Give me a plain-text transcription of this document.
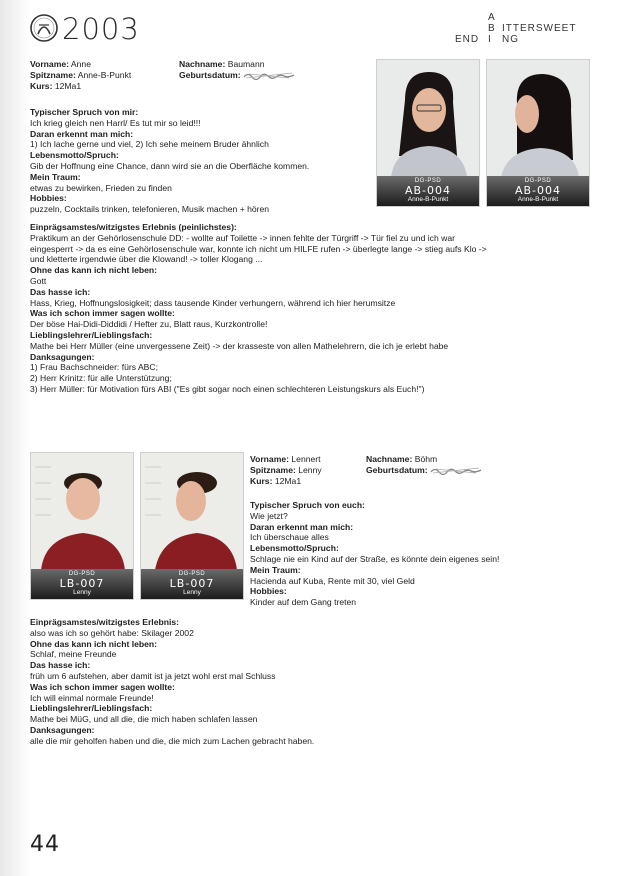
2003	A
B ITTERSWEET
END I NG
Vorname: Anne	Nachname: Baumann
Spitzname: Anne-B-Punkt	Geburtsdatum:
Kurs: 12Ma1
Typischer Spruch von mir:
Ich krieg gleich nen Harrl/ Es tut mir so leid!!!
Daran erkennt man mich:
1) Ich lache gerne und viel, 2) Ich sehe meinem Bruder ähnlich
Lebensmotto/Spruch:
Gib der Hoffnung eine Chance, dann wird sie an die Oberfläche kommen.
Mein Traum:
etwas zu bewirken, Frieden zu finden
Hobbies:
puzzeln, Cocktails trinken, telefonieren, Musik machen + hören
Einprägsamstes/witzigstes Erlebnis (peinlichstes):
Praktikum an der Gehörlosenschule DD: - wollte auf Toilette -> innen fehlte der Türgriff -> Tür fiel zu und ich war
eingesperrt -> da es eine Gehörlosenschule war, konnte ich nicht um HILFE rufen -> überlegte lange -> stieg aufs Klo ->
und kletterte irgendwie über die Klowand! -> toller Klogang ...
Ohne das kann ich nicht leben:
Gott
Das hasse ich:
Hass, Krieg, Hoffnungslosigkeit; dass tausende Kinder verhungern, während ich hier herumsitze
Was ich schon immer sagen wollte:
Der böse Hai-Didi-Diddidi / Hefter zu, Blatt raus, Kurzkontrolle!
Lieblingslehrer/Lieblingsfach:
Mathe bei Herr Müller (eine unvergessene Zeit) -> der krasseste von allen Mathelehrern, die ich je erlebt habe
Danksagungen:
1) Frau Bachschneider: fürs ABC;
2) Herr Krinitz: für alle Unterstützung;
3) Herr Müller: für Motivation fürs ABI ("Es gibt sogar noch einen schlechteren Leistungskurs als Euch!")
DG-PSD
AB-004
Anne-B-Punkt
DG-PSD
AB-004
Anne-B-Punkt
DG-PSD
LB-007
Lenny
DG-PSD
LB-007
Lenny
Vorname: Lennert	Nachname: Böhm
Spitzname: Lenny	Geburtsdatum:
Kurs: 12Ma1
Typischer Spruch von euch:
Wie jetzt?
Daran erkennt man mich:
Ich überschaue alles
Lebensmotto/Spruch:
Schlage nie ein Kind auf der Straße, es könnte dein eigenes sein!
Mein Traum:
Hacienda auf Kuba, Rente mit 30, viel Geld
Hobbies:
Kinder auf dem Gang treten
Einprägsamstes/witzigstes Erlebnis:
also was ich so gehört habe: Skilager 2002
Ohne das kann ich nicht leben:
Schlaf, meine Freunde
Das hasse ich:
früh um 6 aufstehen, aber damit ist ja jetzt wohl erst mal Schluss
Was ich schon immer sagen wollte:
Ich will einmal normale Freunde!
Lieblingslehrer/Lieblingsfach:
Mathe bei MüG, und all die, die mich haben schlafen lassen
Danksagungen:
alle die mir geholfen haben und die, die mich zum Lachen gebracht haben.
44
